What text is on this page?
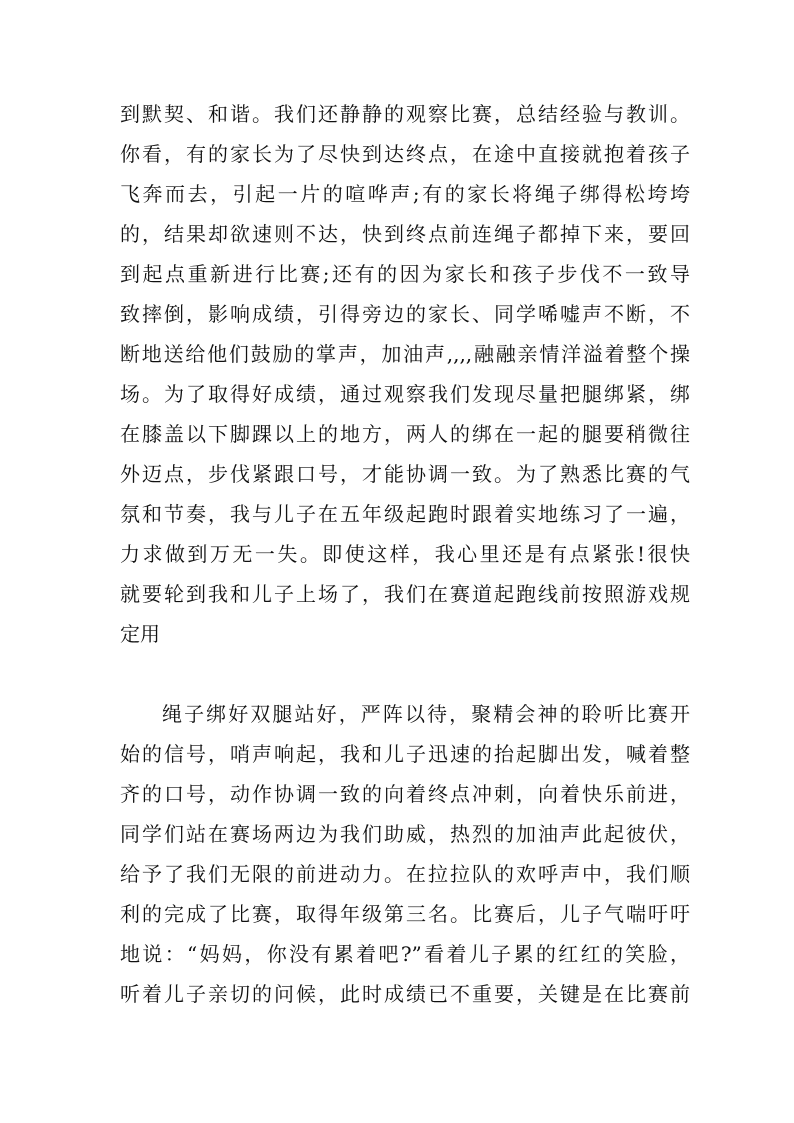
到默契、和谐。我们还静静的观察比赛，总结经验与教训。
你看，有的家长为了尽快到达终点，在途中直接就抱着孩子
飞奔而去，引起一片的喧哗声;有的家长将绳子绑得松垮垮
的，结果却欲速则不达，快到终点前连绳子都掉下来，要回
到起点重新进行比赛;还有的因为家长和孩子步伐不一致导
致摔倒，影响成绩，引得旁边的家长、同学唏嘘声不断，不
断地送给他们鼓励的掌声，加油声,,,,融融亲情洋溢着整个操
场。为了取得好成绩，通过观察我们发现尽量把腿绑紧，绑
在膝盖以下脚踝以上的地方，两人的绑在一起的腿要稍微往
外迈点，步伐紧跟口号，才能协调一致。为了熟悉比赛的气
氛和节奏，我与儿子在五年级起跑时跟着实地练习了一遍，
力求做到万无一失。即使这样，我心里还是有点紧张!很快
就要轮到我和儿子上场了，我们在赛道起跑线前按照游戏规
定用
绳子绑好双腿站好，严阵以待，聚精会神的聆听比赛开
始的信号，哨声响起，我和儿子迅速的抬起脚出发，喊着整
齐的口号，动作协调一致的向着终点冲刺，向着快乐前进，
同学们站在赛场两边为我们助威，热烈的加油声此起彼伏，
给予了我们无限的前进动力。在拉拉队的欢呼声中，我们顺
利的完成了比赛，取得年级第三名。比赛后，儿子气喘吁吁
地说：“妈妈，你没有累着吧?”看着儿子累的红红的笑脸，
听着儿子亲切的问候，此时成绩已不重要，关键是在比赛前
